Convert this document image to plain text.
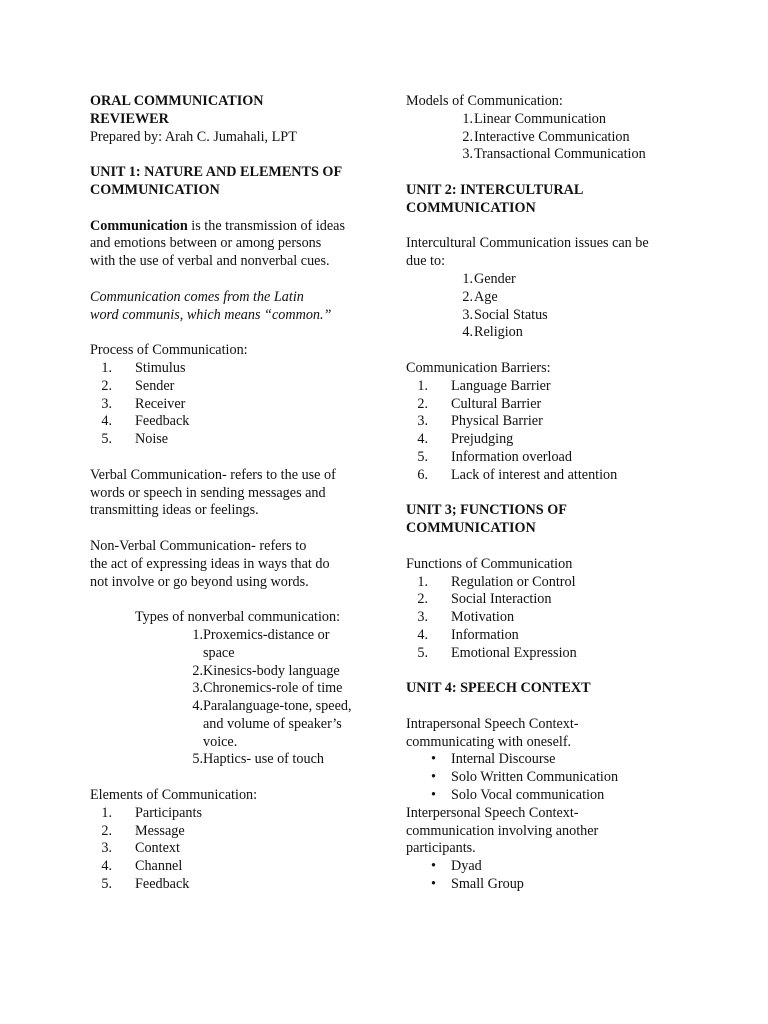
ORAL COMMUNICATION
REVIEWER
Prepared by: Arah C. Jumahali, LPT
UNIT 1: NATURE AND ELEMENTS OF
COMMUNICATION
Communication is the transmission of ideas
and emotions between or among persons
with the use of verbal and nonverbal cues.
Communication comes from the Latin
word communis, which means “common.”
Process of Communication:
1. Stimulus
2. Sender
3. Receiver
4. Feedback
5. Noise
Verbal Communication- refers to the use of
words or speech in sending messages and
transmitting ideas or feelings.
Non-Verbal Communication- refers to
the act of expressing ideas in ways that do
not involve or go beyond using words.
Types of nonverbal communication:
1. Proxemics-distance or
space
2. Kinesics-body language
3. Chronemics-role of time
4. Paralanguage-tone, speed,
and volume of speaker’s
voice.
5. Haptics- use of touch
Elements of Communication:
1. Participants
2. Message
3. Context
4. Channel
5. Feedback
Models of Communication:
1. Linear Communication
2. Interactive Communication
3. Transactional Communication
UNIT 2: INTERCULTURAL
COMMUNICATION
Intercultural Communication issues can be
due to:
1. Gender
2. Age
3. Social Status
4. Religion
Communication Barriers:
1. Language Barrier
2. Cultural Barrier
3. Physical Barrier
4. Prejudging
5. Information overload
6. Lack of interest and attention
UNIT 3; FUNCTIONS OF
COMMUNICATION
Functions of Communication
1. Regulation or Control
2. Social Interaction
3. Motivation
4. Information
5. Emotional Expression
UNIT 4: SPEECH CONTEXT
Intrapersonal Speech Context-
communicating with oneself.
• Internal Discourse
• Solo Written Communication
• Solo Vocal communication
Interpersonal Speech Context-
communication involving another
participants.
• Dyad
• Small Group
